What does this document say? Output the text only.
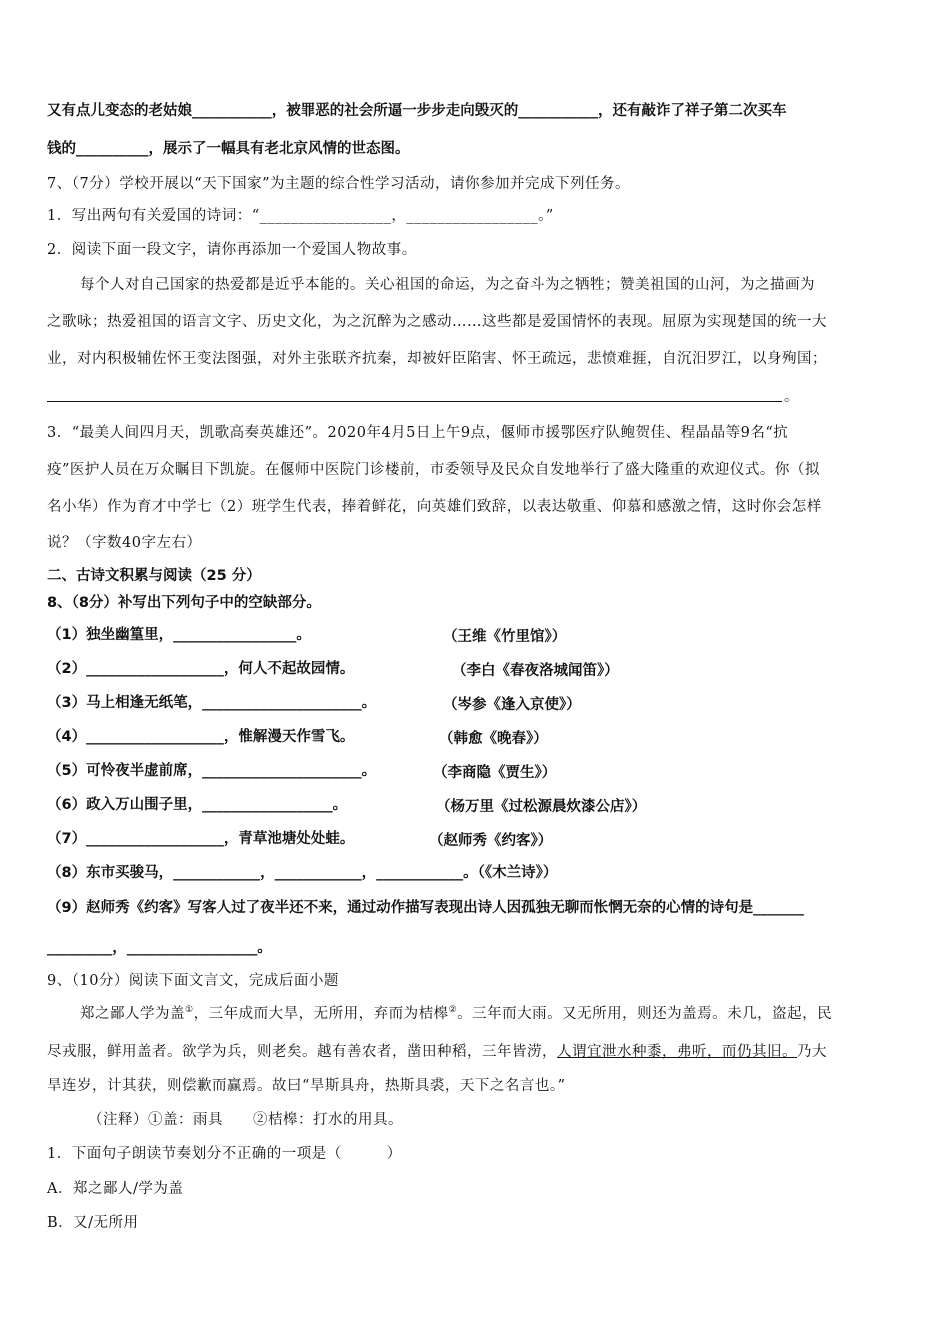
又有点儿变态的老姑娘___________，被罪恶的社会所逼一步步走向毁灭的___________，还有敲诈了祥子第二次买车
钱的__________，展示了一幅具有老北京风情的世态图。
7、（7分）学校开展以“天下国家”为主题的综合性学习活动，请你参加并完成下列任务。
1．写出两句有关爱国的诗词：“_________________，_________________。”
2．阅读下面一段文字，请你再添加一个爱国人物故事。
每个人对自己国家的热爱都是近乎本能的。关心祖国的命运，为之奋斗为之牺牲；赞美祖国的山河，为之描画为
之歌咏；热爱祖国的语言文字、历史文化，为之沉醉为之感动……这些都是爱国情怀的表现。屈原为实现楚国的统一大
业，对内积极辅佐怀王变法图强，对外主张联齐抗秦，却被奸臣陷害、怀王疏远，悲愤难捱，自沉汨罗江，以身殉国；
。
3．“最美人间四月天，凯歌高奏英雄还”。2020年4月5日上午9点，偃师市援鄂医疗队鲍贺佳、程晶晶等9名“抗
疫”医护人员在万众瞩目下凯旋。在偃师中医院门诊楼前，市委领导及民众自发地举行了盛大隆重的欢迎仪式。你（拟
名小华）作为育才中学七（2）班学生代表，捧着鲜花，向英雄们致辞，以表达敬重、仰慕和感激之情，这时你会怎样
说？（字数40字左右）
二、古诗文积累与阅读（25 分）
8、（8分）补写出下列句子中的空缺部分。
（1）独坐幽篁里，_________________。	（王维《竹里馆》）
（2）___________________，何人不起故园情。	（李白《春夜洛城闻笛》）
（3）马上相逢无纸笔，______________________。	（岑参《逢入京使》）
（4）___________________，惟解漫天作雪飞。	（韩愈《晚春》）
（5）可怜夜半虚前席，______________________。	（李商隐《贾生》）
（6）政入万山围子里，__________________。	（杨万里《过松源晨炊漆公店》）
（7）___________________，青草池塘处处蛙。	（赵师秀《约客》）
（8）东市买骏马，____________，____________，____________。（《木兰诗》）
（9）赵师秀《约客》写客人过了夜半还不来，通过动作描写表现出诗人因孤独无聊而怅惘无奈的心情的诗句是_______
_________，__________________。
9、（10分）阅读下面文言文，完成后面小题
郑之鄙人学为盖①，三年成而大旱，无所用，弃而为桔槔②。三年而大雨。又无所用，则还为盖焉。未几，盗起，民
尽戎服，鲜用盖者。欲学为兵，则老矣。越有善农者，凿田种稻，三年皆涝，人谓宜泄水种黍，弗听，而仍其旧。乃大
旱连岁，计其获，则偿歉而赢焉。故曰“旱斯具舟，热斯具裘，天下之名言也。”
（注释）①盖：雨具　　②桔槔：打水的用具。
1．下面句子朗读节奏划分不正确的一项是（　　　）
A．郑之鄙人/学为盖
B．又/无所用
